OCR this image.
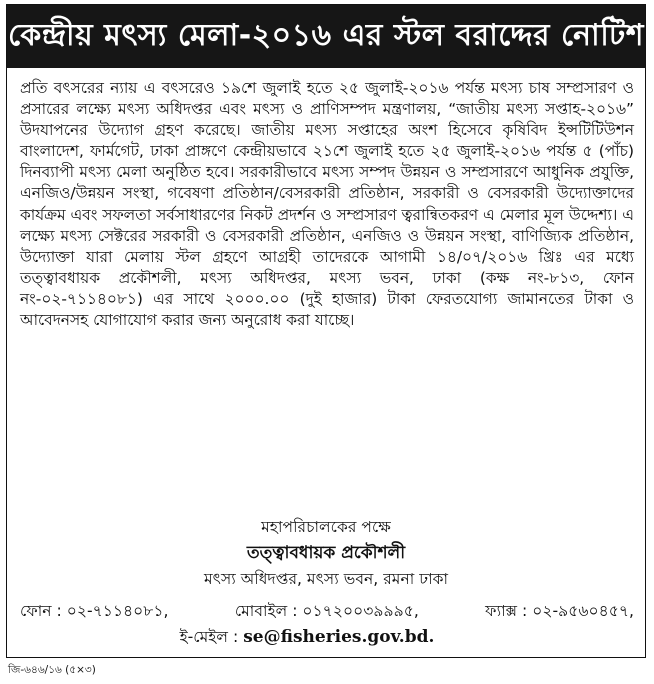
কেন্দ্রীয় মৎস্য মেলা-২০১৬ এর স্টল বরাদ্দের নোটিশ
প্রতি বৎসরের ন্যায় এ বৎসরেও ১৯শে জুলাই হতে ২৫ জুলাই-২০১৬ পর্যন্ত মৎস্য চাষ সম্প্রসারণ ও প্রসারের লক্ষ্যে মৎস্য অধিদপ্তর এবং মৎস্য ও প্রাণিসম্পদ মন্ত্রণালয়, “জাতীয় মৎস্য সপ্তাহ-২০১৬” উদযাপনের উদ্যোগ গ্রহণ করেছে। জাতীয় মৎস্য সপ্তাহের অংশ হিসেবে কৃষিবিদ ইন্সটিটিউশন বাংলাদেশ, ফার্মগেট, ঢাকা প্রাঙ্গণে কেন্দ্রীয়ভাবে ২১শে জুলাই হতে ২৫ জুলাই-২০১৬ পর্যন্ত ৫ (পাঁচ) দিনব্যাপী মৎস্য মেলা অনুষ্ঠিত হবে। সরকারীভাবে মৎস্য সম্পদ উন্নয়ন ও সম্প্রসারণে আধুনিক প্রযুক্তি, এনজিও/উন্নয়ন সংস্থা, গবেষণা প্রতিষ্ঠান/বেসরকারী প্রতিষ্ঠান, সরকারী ও বেসরকারী উদ্যোক্তাদের কার্যক্রম এবং সফলতা সর্বসাধারণের নিকট প্রদর্শন ও সম্প্রসারণ ত্বরান্বিতকরণ এ মেলার মূল উদ্দেশ্য। এ লক্ষ্যে মৎস্য সেক্টরের সরকারী ও বেসরকারী প্রতিষ্ঠান, এনজিও ও উন্নয়ন সংস্থা, বাণিজ্যিক প্রতিষ্ঠান, উদ্যোক্তা যারা মেলায় স্টল গ্রহণে আগ্রহী তাদেরকে আগামী ১৪/০৭/২০১৬ খ্রিঃ এর মধ্যে তত্ত্বাবধায়ক প্রকৌশলী, মৎস্য অধিদপ্তর, মৎস্য ভবন, ঢাকা (কক্ষ নং-৮১৩, ফোন নং-০২-৭১১৪০৮১) এর সাথে ২০০০.০০ (দুই হাজার) টাকা ফেরতযোগ্য জামানতের টাকা ও আবেদনসহ যোগাযোগ করার জন্য অনুরোধ করা যাচ্ছে।
মহাপরিচালকের পক্ষে
তত্ত্বাবধায়ক প্রকৌশলী
মৎস্য অধিদপ্তর, মৎস্য ভবন, রমনা ঢাকা
ফোন : ০২-৭১১৪০৮১,	মোবাইল : ০১৭২০০৩৯৯৯৫,	ফ্যাক্স : ০২-৯৫৬০৪৫৭,
ই-মেইল : se@fisheries.gov.bd.
জি-৬৪৬/১৬ (৫×৩)
